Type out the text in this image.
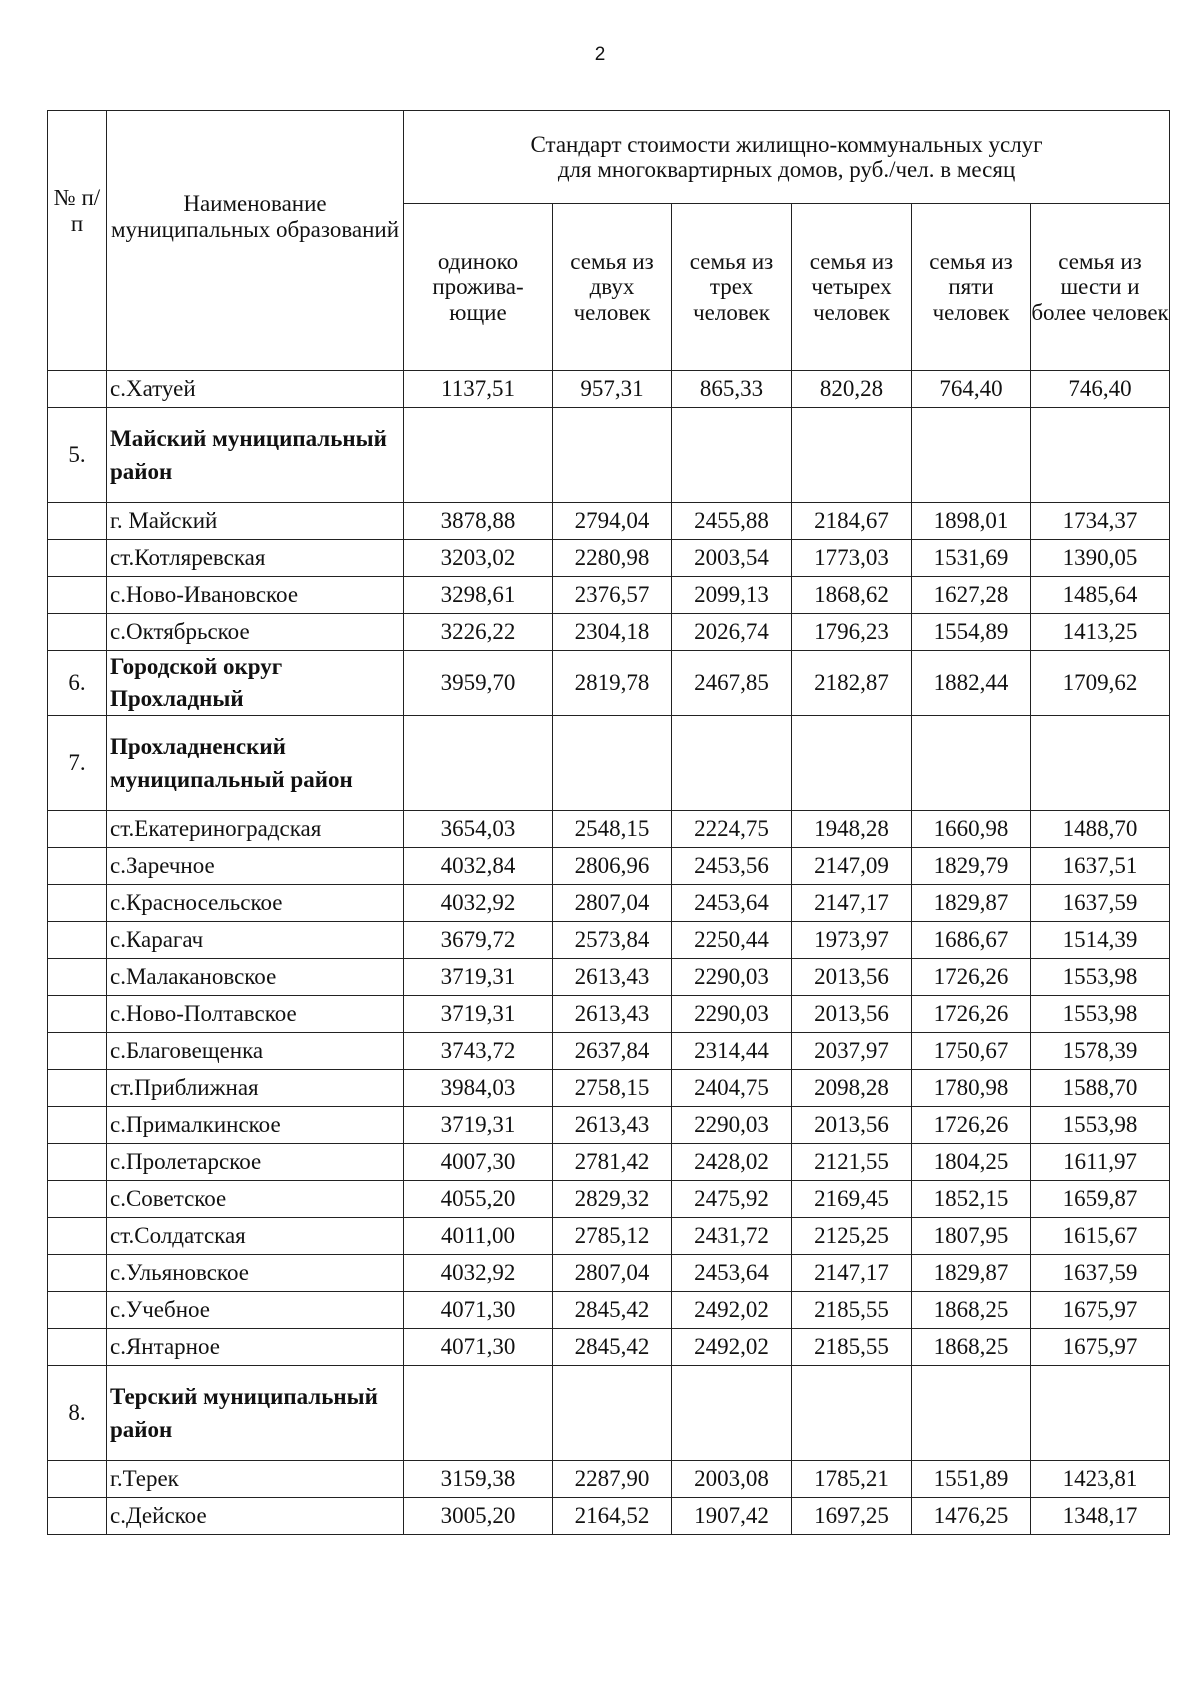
2
№ п/п	Наименование муниципальных образований	Стандарт стоимости жилищно-коммунальных услуг
для многоквартирных домов, руб./чел. в месяц					

		одиноко прожива-ющие	семья из двух человек	семья из трех человек	семья из четырех человек	семья из пяти человек	семья из шести и более человек
	с.Хатуей	1137,51	957,31	865,33	820,28	764,40	746,40
5.	Майский муниципальный район						
	г. Майский	3878,88	2794,04	2455,88	2184,67	1898,01	1734,37
	ст.Котляревская	3203,02	2280,98	2003,54	1773,03	1531,69	1390,05
	с.Ново-Ивановское	3298,61	2376,57	2099,13	1868,62	1627,28	1485,64
	с.Октябрьское	3226,22	2304,18	2026,74	1796,23	1554,89	1413,25
6.	Городской округ Прохладный	3959,70	2819,78	2467,85	2182,87	1882,44	1709,62
7.	Прохладненский муниципальный район						
	ст.Екатериноградская	3654,03	2548,15	2224,75	1948,28	1660,98	1488,70
	с.Заречное	4032,84	2806,96	2453,56	2147,09	1829,79	1637,51
	с.Красносельское	4032,92	2807,04	2453,64	2147,17	1829,87	1637,59
	с.Карагач	3679,72	2573,84	2250,44	1973,97	1686,67	1514,39
	с.Малакановское	3719,31	2613,43	2290,03	2013,56	1726,26	1553,98
	с.Ново-Полтавское	3719,31	2613,43	2290,03	2013,56	1726,26	1553,98
	с.Благовещенка	3743,72	2637,84	2314,44	2037,97	1750,67	1578,39
	ст.Приближная	3984,03	2758,15	2404,75	2098,28	1780,98	1588,70
	с.Прималкинское	3719,31	2613,43	2290,03	2013,56	1726,26	1553,98
	с.Пролетарское	4007,30	2781,42	2428,02	2121,55	1804,25	1611,97
	с.Советское	4055,20	2829,32	2475,92	2169,45	1852,15	1659,87
	ст.Солдатская	4011,00	2785,12	2431,72	2125,25	1807,95	1615,67
	с.Ульяновское	4032,92	2807,04	2453,64	2147,17	1829,87	1637,59
	с.Учебное	4071,30	2845,42	2492,02	2185,55	1868,25	1675,97
	с.Янтарное	4071,30	2845,42	2492,02	2185,55	1868,25	1675,97
8.	Терский муниципальный район						
	г.Терек	3159,38	2287,90	2003,08	1785,21	1551,89	1423,81
	с.Дейское	3005,20	2164,52	1907,42	1697,25	1476,25	1348,17
